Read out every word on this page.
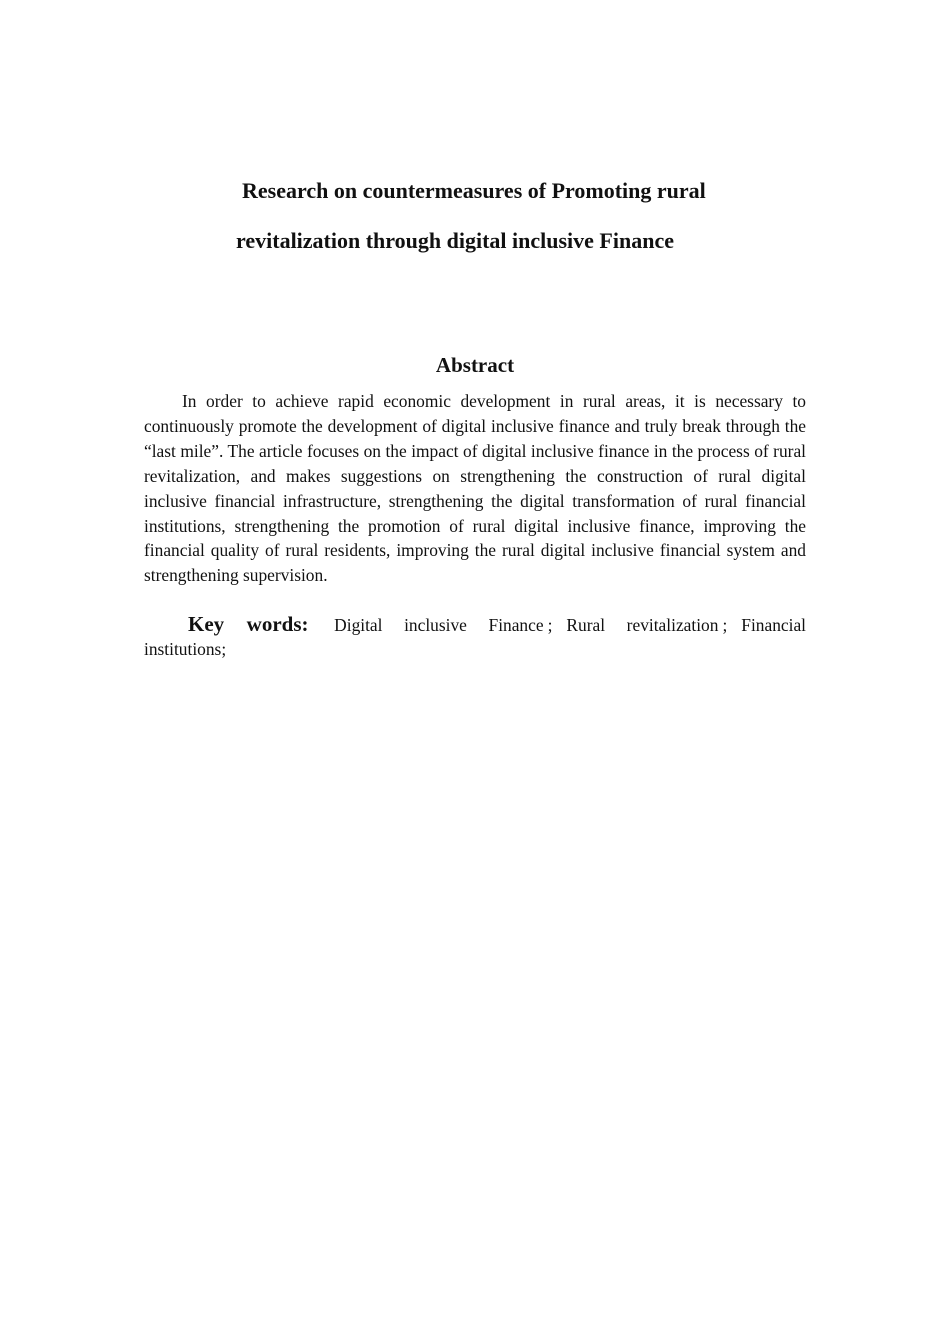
Research on countermeasures of Promoting rural
revitalization through digital inclusive Finance
Abstract

In order to achieve rapid economic development in rural areas, it is necessary to continuously promote the development of digital inclusive finance and truly break through the “last mile”. The article focuses on the impact of digital inclusive finance in the process of rural revitalization, and makes suggestions on strengthening the construction of rural digital inclusive financial infrastructure, strengthening the digital transformation of rural financial institutions, strengthening the promotion of rural digital inclusive finance, improving the financial quality of rural residents, improving the rural digital inclusive financial system and strengthening supervision.

Key words: Digital inclusive Finance ; Rural revitalization ; Financial institutions;
